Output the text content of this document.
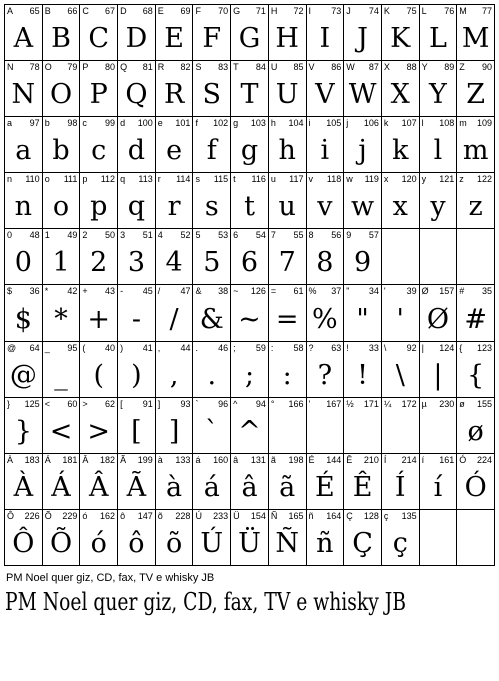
A 65
A
B 66
B
C 67
C
D 68
D
E 69
E
F 70
F
G 71
G
H 72
H
I 73
I
J 74
J
K 75
K
L 76
L
M 77
M
N 78
N
O 79
O
P 80
P
Q 81
Q
R 82
R
S 83
S
T 84
T
U 85
U
V 86
V
W 87
W
X 88
X
Y 89
Y
Z 90
Z
a 97
a
b 98
b
c 99
c
d 100
d
e 101
e
f 102
f
g 103
g
h 104
h
i 105
i
j 106
j
k 107
k
l 108
l
m 109
m
n 110
n
o 111
o
p 112
p
q 113
q
r 114
r
s 115
s
t 116
t
u 117
u
v 118
v
w 119
w
x 120
x
y 121
y
z 122
z
0 48
0
1 49
1
2 50
2
3 51
3
4 52
4
5 53
5
6 54
6
7 55
7
8 56
8
9 57
9
$ 36
$
* 42
*
+ 43
+
- 45
-
/ 47
/
& 38
&
~ 126
~
= 61
=
% 37
%
" 34
"
' 39
'
Ø 157
Ø
# 35
#
@ 64
@
_ 95
_
( 40
(
) 41
)
, 44
,
. 46
.
; 59
;
: 58
:
? 63
?
! 33
!
\ 92
\
| 124
|
{ 123
{
} 125
}
< 60
<
> 62
>
[ 91
[
] 93
]
` 96
`
^ 94
^
° 166 ' 167 ½ 171 ¼ 172 µ 230 ø 155
ø
À 183
À
Á 181
Á
Â 182
Â
Ã 199
Ã
à 133
à
á 160
á
â 131
â
ã 198
ã
É 144
É
Ê 210
Ê
Í 214
Í
í 161
í
Ó 224
Ó
Ô 226
Ô
Õ 229
Õ
ó 162
ó
ô 147
ô
õ 228
õ
Ú 233
Ú
Ü 154
Ü
Ñ 165
Ñ
ñ 164
ñ
Ç 128
Ç
ç 135
ç
PM Noel quer giz, CD, fax, TV e whisky JB
PM Noel quer giz, CD, fax, TV e whisky JB
